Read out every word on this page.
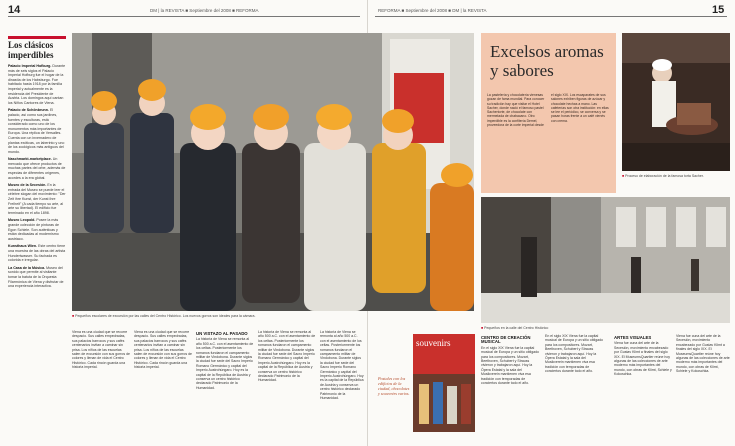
14	DM | la REVISTA ■ Septiembre del 2008 ■ REFORMA	15
REFORMA ■ Septiembre del 2008 ■ DM | la REVISTA
Los clásicos imperdibles

Palacio Imperial Hofburg. Durante más de seis siglos el Palacio Imperial Hofburg fue el hogar de la dinastía de los Habsburgo. Fue habitado hasta 1918 por la familia imperial y actualmente es la residencia del Presidente de Austria. Los domingos aquí cantan los Niños Cantores de Viena.

Palacio de Schönbrunn. El palacio, así como sus jardines, fuentes y esculturas, está considerado como uno de los monumentos más importantes de Europa. Una réplica de Versalles. Cuenta con un invernadero de plantas exóticas, un laberinto y uno de los zoológicos más antiguos del mundo.

Naschmarkt-marketplace. Un mercado que ofrece productos de muchas partes del orbe, además de especias de diferentes orígenes, acordes a la era global.

Museo de la Secesión. En la entrada del Museo se puede leer el célebre slogan del movimiento: "Der Zeit ihre Kunst, der Kunst ihre Freiheit" (A cada tiempo su arte, al arte su libertad). El edificio fue terminado en el año 1898.

Museo Leopold. Posee la más grande colección de pinturas de Egon Schiele. Son auténticas y están dedicadas al modernismo austriaco.

Kunsthaus Wien. Este centro tiene una muestra de las obras del artista Hundertwasser. Su fachada es colorida e irregular.

La Casa de la Música. Museo del sonido que permite al visitante tomar la batuta de la Orquesta Filarmónica de Viena y disfrutar de una experiencia interactiva.

■ Pequeños escolares de excursión por las calles del Centro Histórico. Los nuevos gorros son ideales para la cámara.
Excelsos aromas y sabores
La pastelería y chocolatería vienesas gozan de fama mundial. Para conocer su tradición hay que visitar el Hotel Sacher, donde nació el famoso pastel Sachertorte, de chocolate con mermelada de chabacano. Otro imperdible es la confitería Demel, proveedora de la corte imperial desde el siglo XIX. Los escaparates de sus salones exhiben figuras de azúcar y chocolate hechas a mano. Las cafeterías son otra institución: en ellas se lee el periódico, se conversa y se pasan horas frente a un café vienés con crema.
■ Proceso de elaboración de la famosa torta Sacher.
■ Pequeños en la calle del Centro Histórico
souvenirs
Postales con los edificios de la ciudad, chocolates y souvenirs varios.
Viena es una ciudad que se recorre despacio. Sus calles empedradas, sus palacios barrocos y sus cafés centenarios invitan a caminar sin prisa. Los niños de las escuelas salen de excursión con sus gorros de colores y llenan de vida el Centro Histórico. Cada rincón guarda una historia imperial.
Viena es una ciudad que se recorre despacio. Sus calles empedradas, sus palacios barrocos y sus cafés centenarios invitan a caminar sin prisa. Los niños de las escuelas salen de excursión con sus gorros de colores y llenan de vida el Centro Histórico. Cada rincón guarda una historia imperial.
UN VISTAZO AL PASADO
La historia de Viena se remonta al año 500 a.C. con el asentamiento de los celtas. Posteriormente los romanos fundaron el campamento militar de Vindobona. Durante siglos la ciudad fue sede del Sacro Imperio Romano Germánico y capital del Imperio Austrohúngaro. Hoy es la capital de la República de Austria y conserva un centro histórico declarado Patrimonio de la Humanidad.
La historia de Viena se remonta al año 500 a.C. con el asentamiento de los celtas. Posteriormente los romanos fundaron el campamento militar de Vindobona. Durante siglos la ciudad fue sede del Sacro Imperio Romano Germánico y capital del Imperio Austrohúngaro. Hoy es la capital de la República de Austria y conserva un centro histórico declarado Patrimonio de la Humanidad.
La historia de Viena se remonta al año 500 a.C. con el asentamiento de los celtas. Posteriormente los romanos fundaron el campamento militar de Vindobona. Durante siglos la ciudad fue sede del Sacro Imperio Romano Germánico y capital del Imperio Austrohúngaro. Hoy es la capital de la República de Austria y conserva un centro histórico declarado Patrimonio de la Humanidad.
CENTRO DE CREACIÓN MUSICAL
En el siglo XIX Viena fue la capital musical de Europa y un sitio obligado para los compositores. Mozart, Beethoven, Schubert y Strauss vivieron y trabajaron aquí. Hoy la Ópera Estatal y la sala del Musikverein mantienen viva esa tradición con temporadas de conciertos durante todo el año.
En el siglo XIX Viena fue la capital musical de Europa y un sitio obligado para los compositores. Mozart, Beethoven, Schubert y Strauss vivieron y trabajaron aquí. Hoy la Ópera Estatal y la sala del Musikverein mantienen viva esa tradición con temporadas de conciertos durante todo el año.
ARTES VISUALES
Viena fue cuna del arte de la Secesión, movimiento encabezado por Gustav Klimt a finales del siglo XIX. El MuseumsQuartier reúne hoy algunas de las colecciones de arte moderno más importantes del mundo, con obras de Klimt, Schiele y Kokoschka.
Viena fue cuna del arte de la Secesión, movimiento encabezado por Gustav Klimt a finales del siglo XIX. El MuseumsQuartier reúne hoy algunas de las colecciones de arte moderno más importantes del mundo, con obras de Klimt, Schiele y Kokoschka.
